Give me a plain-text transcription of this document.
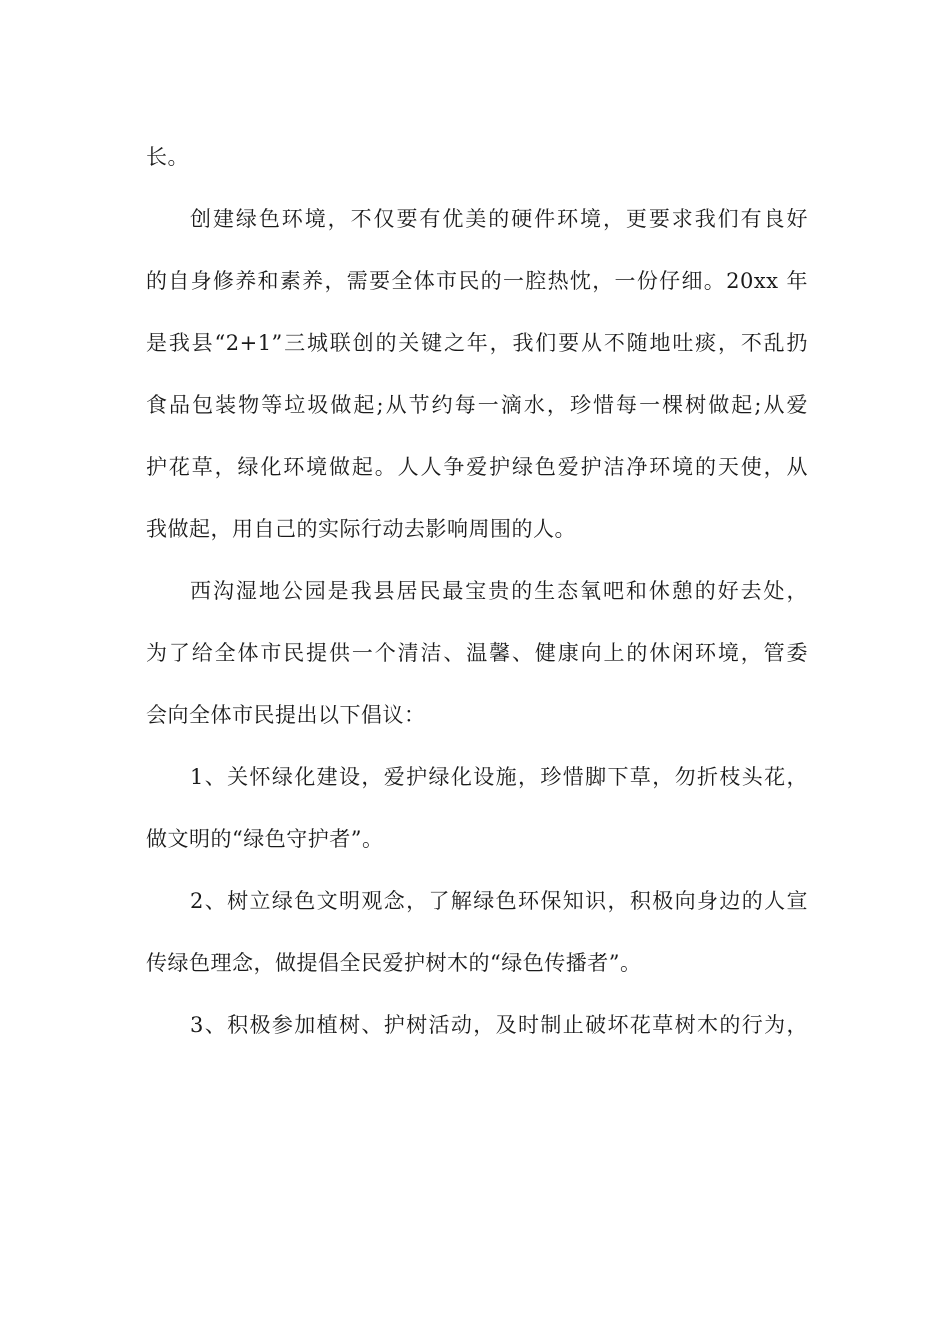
长。
创建绿色环境，不仅要有优美的硬件环境，更要求我们有良好
的自身修养和素养，需要全体市民的一腔热忱，一份仔细。20xx 年
是我县“2+1”三城联创的关键之年，我们要从不随地吐痰，不乱扔
食品包装物等垃圾做起;从节约每一滴水，珍惜每一棵树做起;从爱
护花草，绿化环境做起。人人争爱护绿色爱护洁净环境的天使，从
我做起，用自己的实际行动去影响周围的人。
西沟湿地公园是我县居民最宝贵的生态氧吧和休憩的好去处，
为了给全体市民提供一个清洁、温馨、健康向上的休闲环境，管委
会向全体市民提出以下倡议：
1、关怀绿化建设，爱护绿化设施，珍惜脚下草，勿折枝头花，
做文明的“绿色守护者”。
2、树立绿色文明观念，了解绿色环保知识，积极向身边的人宣
传绿色理念，做提倡全民爱护树木的“绿色传播者”。
3、积极参加植树、护树活动，及时制止破坏花草树木的行为，
